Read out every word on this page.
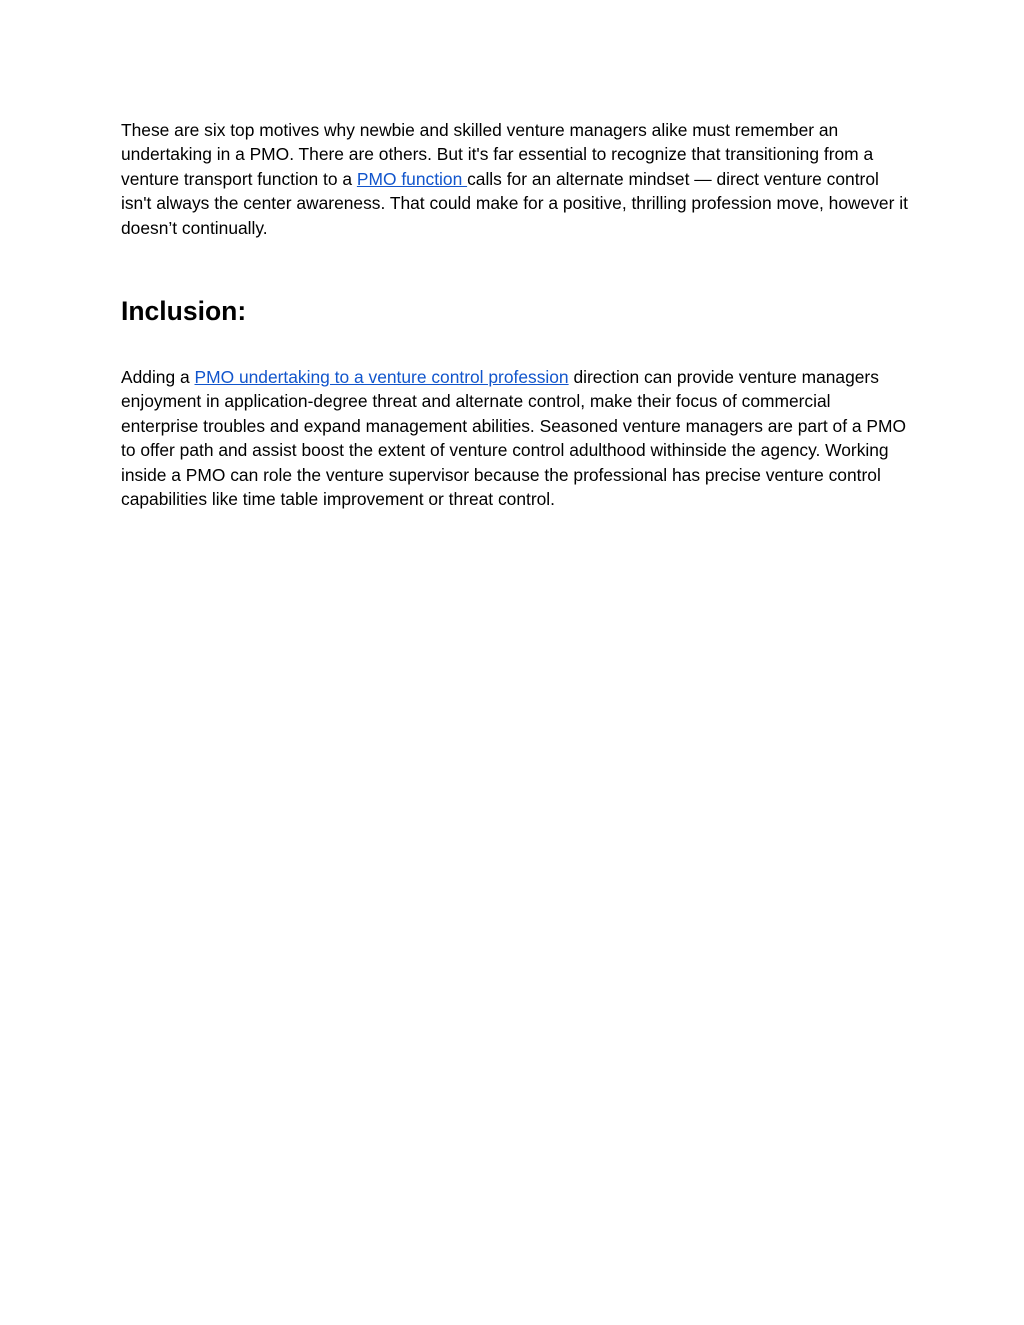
These are six top motives why newbie and skilled venture managers alike must remember an undertaking in a PMO. There are others. But it's far essential to recognize that transitioning from a venture transport function to a PMO function calls for an alternate mindset — direct venture control isn't always the center awareness. That could make for a positive, thrilling profession move, however it doesn’t continually.

Inclusion:

Adding a PMO undertaking to a venture control profession direction can provide venture managers enjoyment in application-degree threat and alternate control, make their focus of commercial enterprise troubles and expand management abilities. Seasoned venture managers are part of a PMO to offer path and assist boost the extent of venture control adulthood withinside the agency. Working inside a PMO can role the venture supervisor because the professional has precise venture control capabilities like time table improvement or threat control.
